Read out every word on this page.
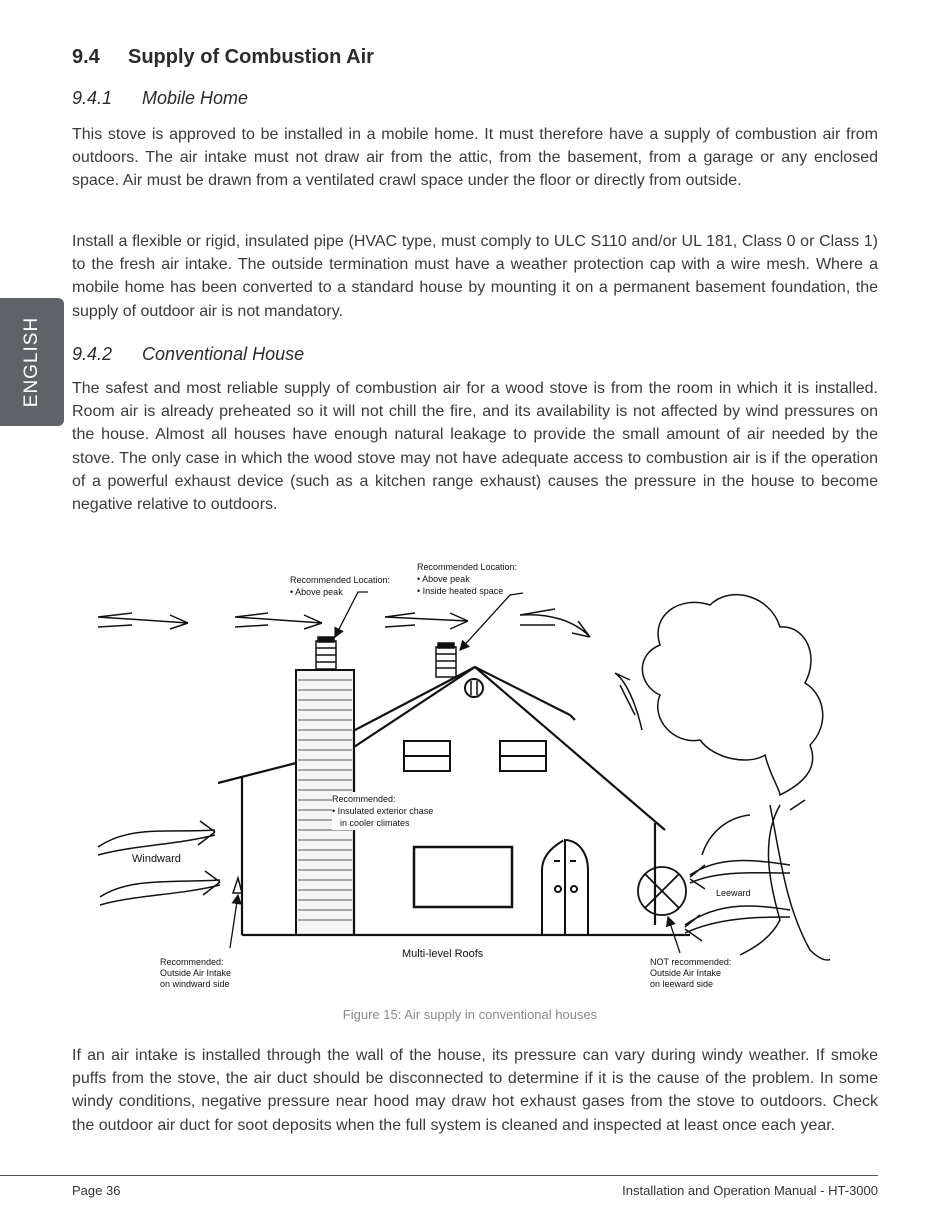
ENGLISH
9.4 Supply of Combustion Air
9.4.1 Mobile Home

This stove is approved to be installed in a mobile home. It must therefore have a supply of combustion air from outdoors. The air intake must not draw air from the attic, from the basement, from a garage or any enclosed space. Air must be drawn from a ventilated crawl space under the floor or directly from outside.

Install a flexible or rigid, insulated pipe (HVAC type, must comply to ULC S110 and/or UL 181, Class 0 or Class 1) to the fresh air intake. The outside termination must have a weather protection cap with a wire mesh. Where a mobile home has been converted to a standard house by mounting it on a permanent basement foundation, the supply of outdoor air is not mandatory.

9.4.2 Conventional House

The safest and most reliable supply of combustion air for a wood stove is from the room in which it is installed. Room air is already preheated so it will not chill the fire, and its availability is not affected by wind pressures on the house. Almost all houses have enough natural leakage to provide the small amount of air needed by the stove. The only case in which the wood stove may not have adequate access to combustion air is if the operation of a powerful exhaust device (such as a kitchen range exhaust) causes the pressure in the house to become negative relative to outdoors.

If an air intake is installed through the wall of the house, its pressure can vary during windy weather. If smoke puffs from the stove, the air duct should be disconnected to determine if it is the cause of the problem. In some windy conditions, negative pressure near hood may draw hot exhaust gases from the stove to outdoors. Check the outdoor air duct for soot deposits when the full system is cleaned and inspected at least once each year.

Recommended Location:
• Above peak
Recommended Location:
• Above peak
• Inside heated space
Recommended:
• Insulated exterior chase
in cooler climates
Windward
Leeward
Multi-level Roofs
Recommended:
Outside Air Intake
on windward side
NOT recommended:
Outside Air Intake
on leeward side
Figure 15: Air supply in conventional houses
Page 36	Installation and Operation Manual - HT-3000
